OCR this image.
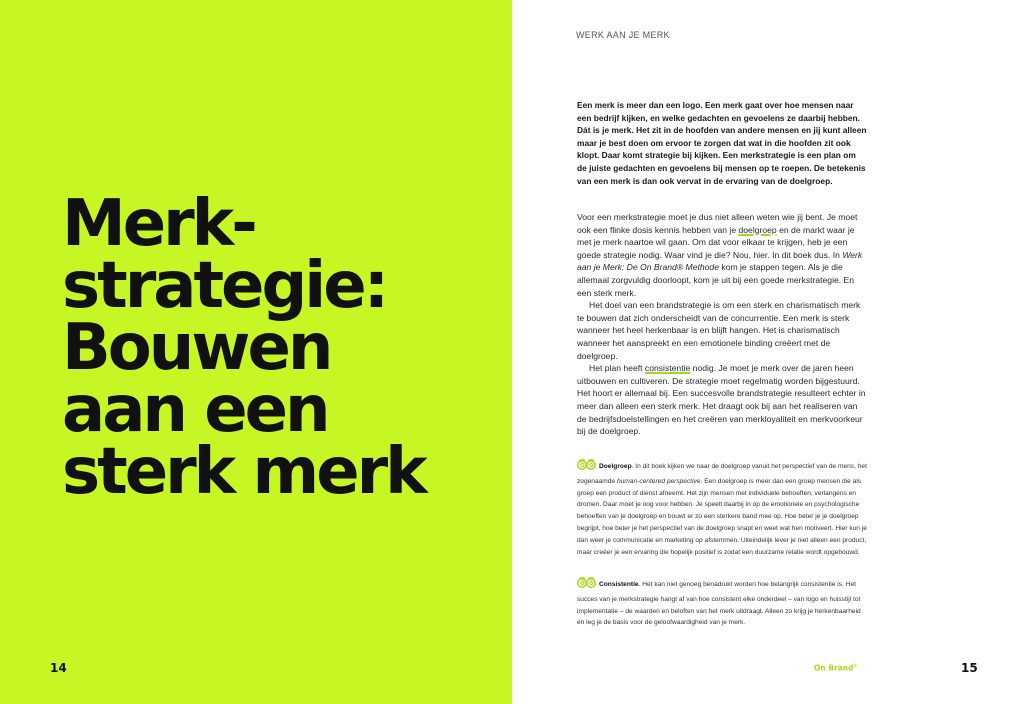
Merk-
strategie:
Bouwen
aan een
sterk merk
14
WERK AAN JE MERK

Een merk is meer dan een logo. Een merk gaat over hoe mensen naar een bedrijf kijken, en welke gedachten en gevoelens ze daarbij hebben. Dát is je merk. Het zit in de hoofden van andere mensen en jij kunt alleen maar je best doen om ervoor te zorgen dat wat in die hoofden zit ook klopt. Daar komt strategie bij kijken. Een merkstrategie is een plan om de juiste gedachten en gevoelens bij mensen op te roepen. De betekenis van een merk is dan ook vervat in de ervaring van de doelgroep.

Voor een merkstrategie moet je dus niet alleen weten wie jij bent. Je moet ook een flinke dosis kennis hebben van je doelgroep en de markt waar je met je merk naartoe wil gaan. Om dat voor elkaar te krijgen, heb je een goede strategie nodig. Waar vind je die? Nou, hier. In dit boek dus. In Werk aan je Merk: De On Brand® Methode kom je stappen tegen. Als je die allemaal zorgvuldig doorloopt, kom je uit bij een goede merkstrategie. En een sterk merk.

Het doel van een brandstrategie is om een sterk en charismatisch merk te bouwen dat zich onderscheidt van de concurrentie. Een merk is sterk wanneer het heel herkenbaar is en blijft hangen. Het is charismatisch wanneer het aanspreekt en een emotionele binding creëert met de doelgroep.

Het plan heeft consistentie nodig. Je moet je merk over de jaren heen uitbouwen en cultiveren. De strategie moet regelmatig worden bijgestuurd. Het hoort er allemaal bij. Een succesvolle brandstrategie resulteert echter in meer dan alleen een sterk merk. Het draagt ook bij aan het realiseren van de bedrijfsdoelstellingen en het creëren van merkloyaliteit en merkvoorkeur bij de doelgroep.

Doelgroep. In dit boek kijken we naar de doelgroep vanuit het perspectief van de mens, het zogenaamde human-centered perspective. Een doelgroep is meer dan een groep mensen die als groep een product of dienst afneemt. Het zijn mensen met individuele behoeften, verlangens en dromen. Daar moet je oog voor hebben. Je speelt daarbij in op de emotionele en psychologische behoeften van je doelgroep en bouwt er zo een sterkere band mee op. Hoe beter je je doelgroep begrijpt, hoe beter je het perspectief van de doelgroep snapt en weet wat hen motiveert. Hier kun je dan weer je communicatie en marketing op afstemmen. Uiteindelijk lever je niet alleen een product, maar creëer je een ervaring die hopelijk positief is zodat een duurzame relatie wordt opgebouwd.

Consistentie. Het kan niet genoeg benadrukt worden hoe belangrijk consistentie is. Het succes van je merkstrategie hangt af van hoe consistent elke onderdeel – van logo en huisstijl tot implementatie – de waarden en beloften van het merk uitdraagt. Alleen zo krijg je herkenbaarheid en leg je de basis voor de geloofwaardigheid van je merk.

On Brand®	15
